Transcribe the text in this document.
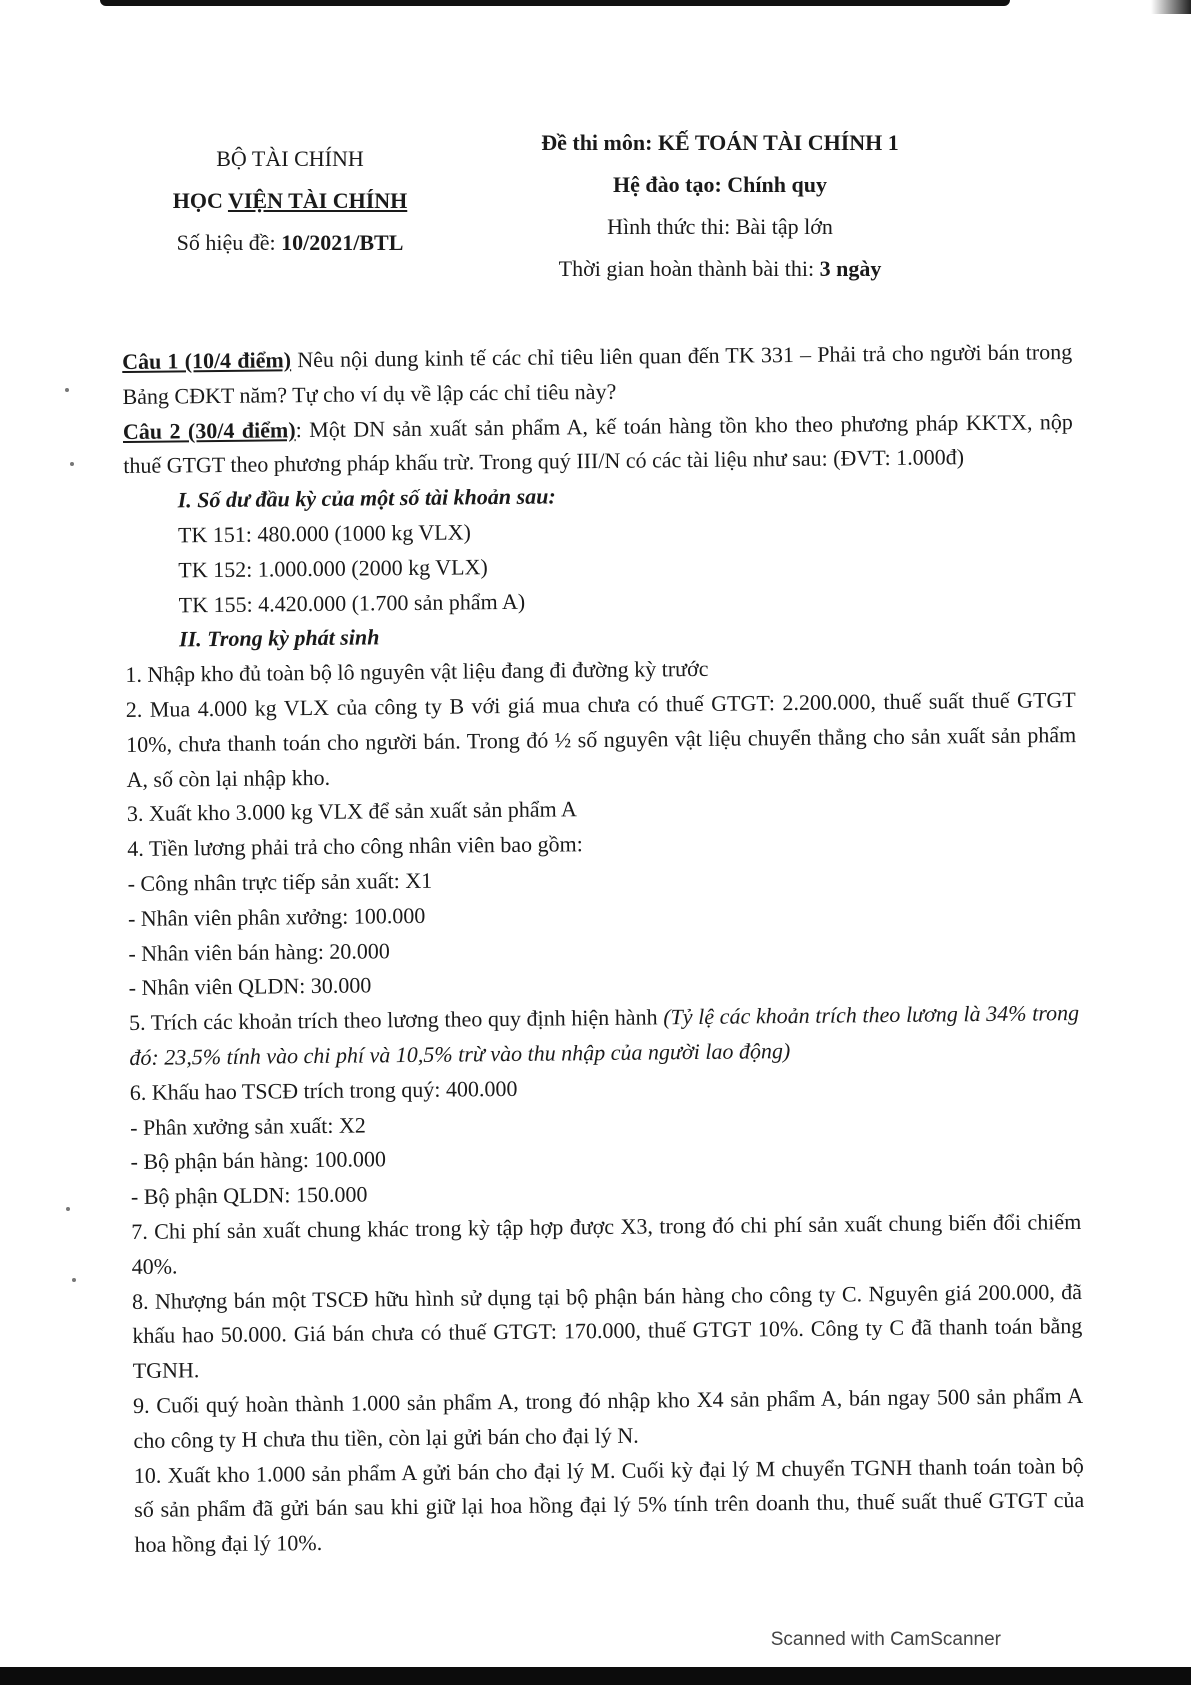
BỘ TÀI CHÍNH
HỌC VIỆN TÀI CHÍNH
Số hiệu đề: 10/2021/BTL
Đề thi môn: KẾ TOÁN TÀI CHÍNH 1
Hệ đào tạo: Chính quy
Hình thức thi: Bài tập lớn
Thời gian hoàn thành bài thi: 3 ngày

Câu 1 (10/4 điểm) Nêu nội dung kinh tế các chỉ tiêu liên quan đến TK 331 – Phải trả cho người bán trong Bảng CĐKT năm? Tự cho ví dụ về lập các chỉ tiêu này?

Câu 2 (30/4 điểm): Một DN sản xuất sản phẩm A, kế toán hàng tồn kho theo phương pháp KKTX, nộp thuế GTGT theo phương pháp khấu trừ. Trong quý III/N có các tài liệu như sau: (ĐVT: 1.000đ)

I. Số dư đầu kỳ của một số tài khoản sau:

TK 151: 480.000 (1000 kg VLX)

TK 152: 1.000.000 (2000 kg VLX)

TK 155: 4.420.000 (1.700 sản phẩm A)

II. Trong kỳ phát sinh

1. Nhập kho đủ toàn bộ lô nguyên vật liệu đang đi đường kỳ trước

2. Mua 4.000 kg VLX của công ty B với giá mua chưa có thuế GTGT: 2.200.000, thuế suất thuế GTGT 10%, chưa thanh toán cho người bán. Trong đó ½ số nguyên vật liệu chuyển thẳng cho sản xuất sản phẩm A, số còn lại nhập kho.

3. Xuất kho 3.000 kg VLX để sản xuất sản phẩm A

4. Tiền lương phải trả cho công nhân viên bao gồm:

- Công nhân trực tiếp sản xuất: X1

- Nhân viên phân xưởng: 100.000

- Nhân viên bán hàng: 20.000

- Nhân viên QLDN: 30.000

5. Trích các khoản trích theo lương theo quy định hiện hành (Tỷ lệ các khoản trích theo lương là 34% trong đó: 23,5% tính vào chi phí và 10,5% trừ vào thu nhập của người lao động)

6. Khấu hao TSCĐ trích trong quý: 400.000

- Phân xưởng sản xuất: X2

- Bộ phận bán hàng: 100.000

- Bộ phận QLDN: 150.000

7. Chi phí sản xuất chung khác trong kỳ tập hợp được X3, trong đó chi phí sản xuất chung biến đổi chiếm 40%.

8. Nhượng bán một TSCĐ hữu hình sử dụng tại bộ phận bán hàng cho công ty C. Nguyên giá 200.000, đã khấu hao 50.000. Giá bán chưa có thuế GTGT: 170.000, thuế GTGT 10%. Công ty C đã thanh toán bằng TGNH.

9. Cuối quý hoàn thành 1.000 sản phẩm A, trong đó nhập kho X4 sản phẩm A, bán ngay 500 sản phẩm A cho công ty H chưa thu tiền, còn lại gửi bán cho đại lý N.

10. Xuất kho 1.000 sản phẩm A gửi bán cho đại lý M. Cuối kỳ đại lý M chuyển TGNH thanh toán toàn bộ số sản phẩm đã gửi bán sau khi giữ lại hoa hồng đại lý 5% tính trên doanh thu, thuế suất thuế GTGT của hoa hồng đại lý 10%.

Scanned with CamScanner
